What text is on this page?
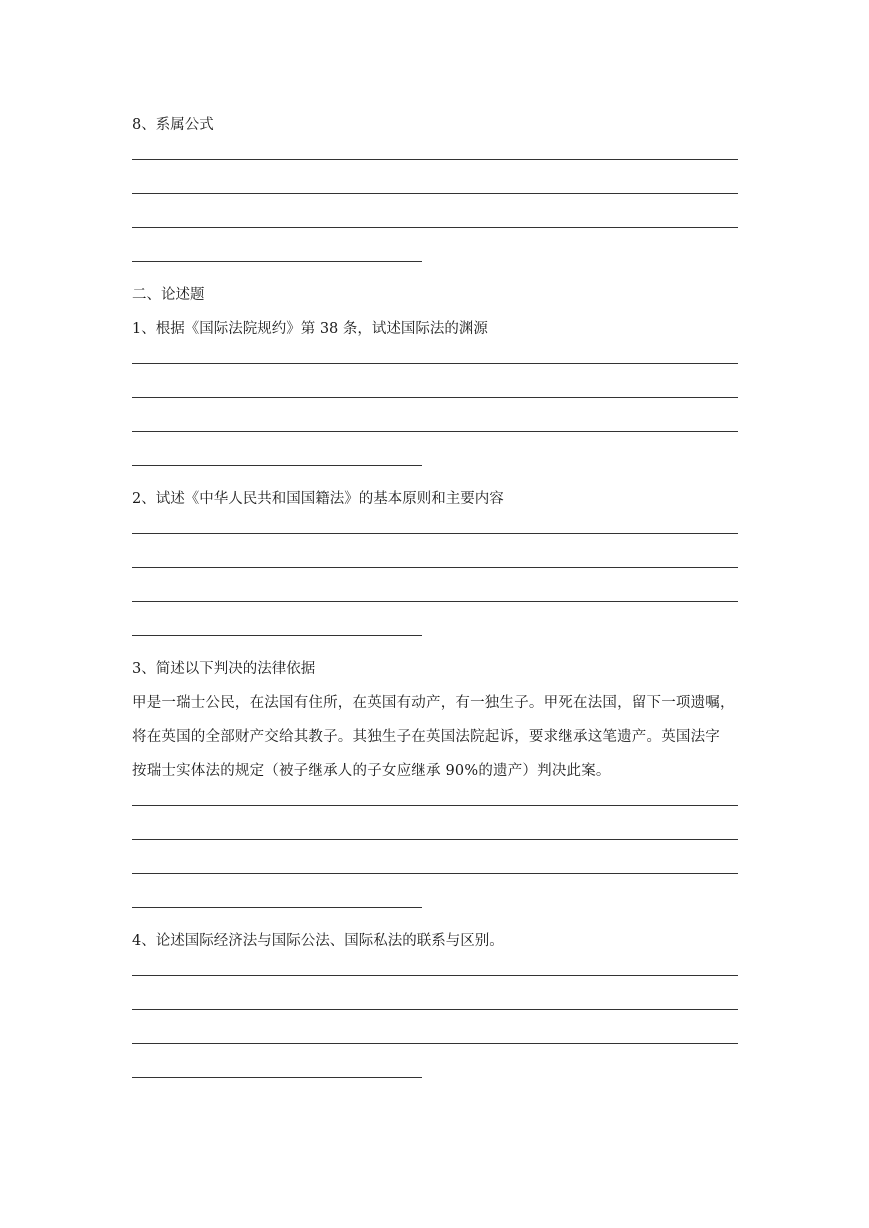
8、系属公式
二、论述题
1、根据《国际法院规约》第 38 条，试述国际法的渊源
2、试述《中华人民共和国国籍法》的基本原则和主要内容
3、简述以下判决的法律依据
甲是一瑞士公民，在法国有住所，在英国有动产，有一独生子。甲死在法国，留下一项遗嘱，
将在英国的全部财产交给其教子。其独生子在英国法院起诉，要求继承这笔遗产。英国法字
按瑞士实体法的规定（被子继承人的子女应继承 90%的遗产）判决此案。
4、论述国际经济法与国际公法、国际私法的联系与区别。
